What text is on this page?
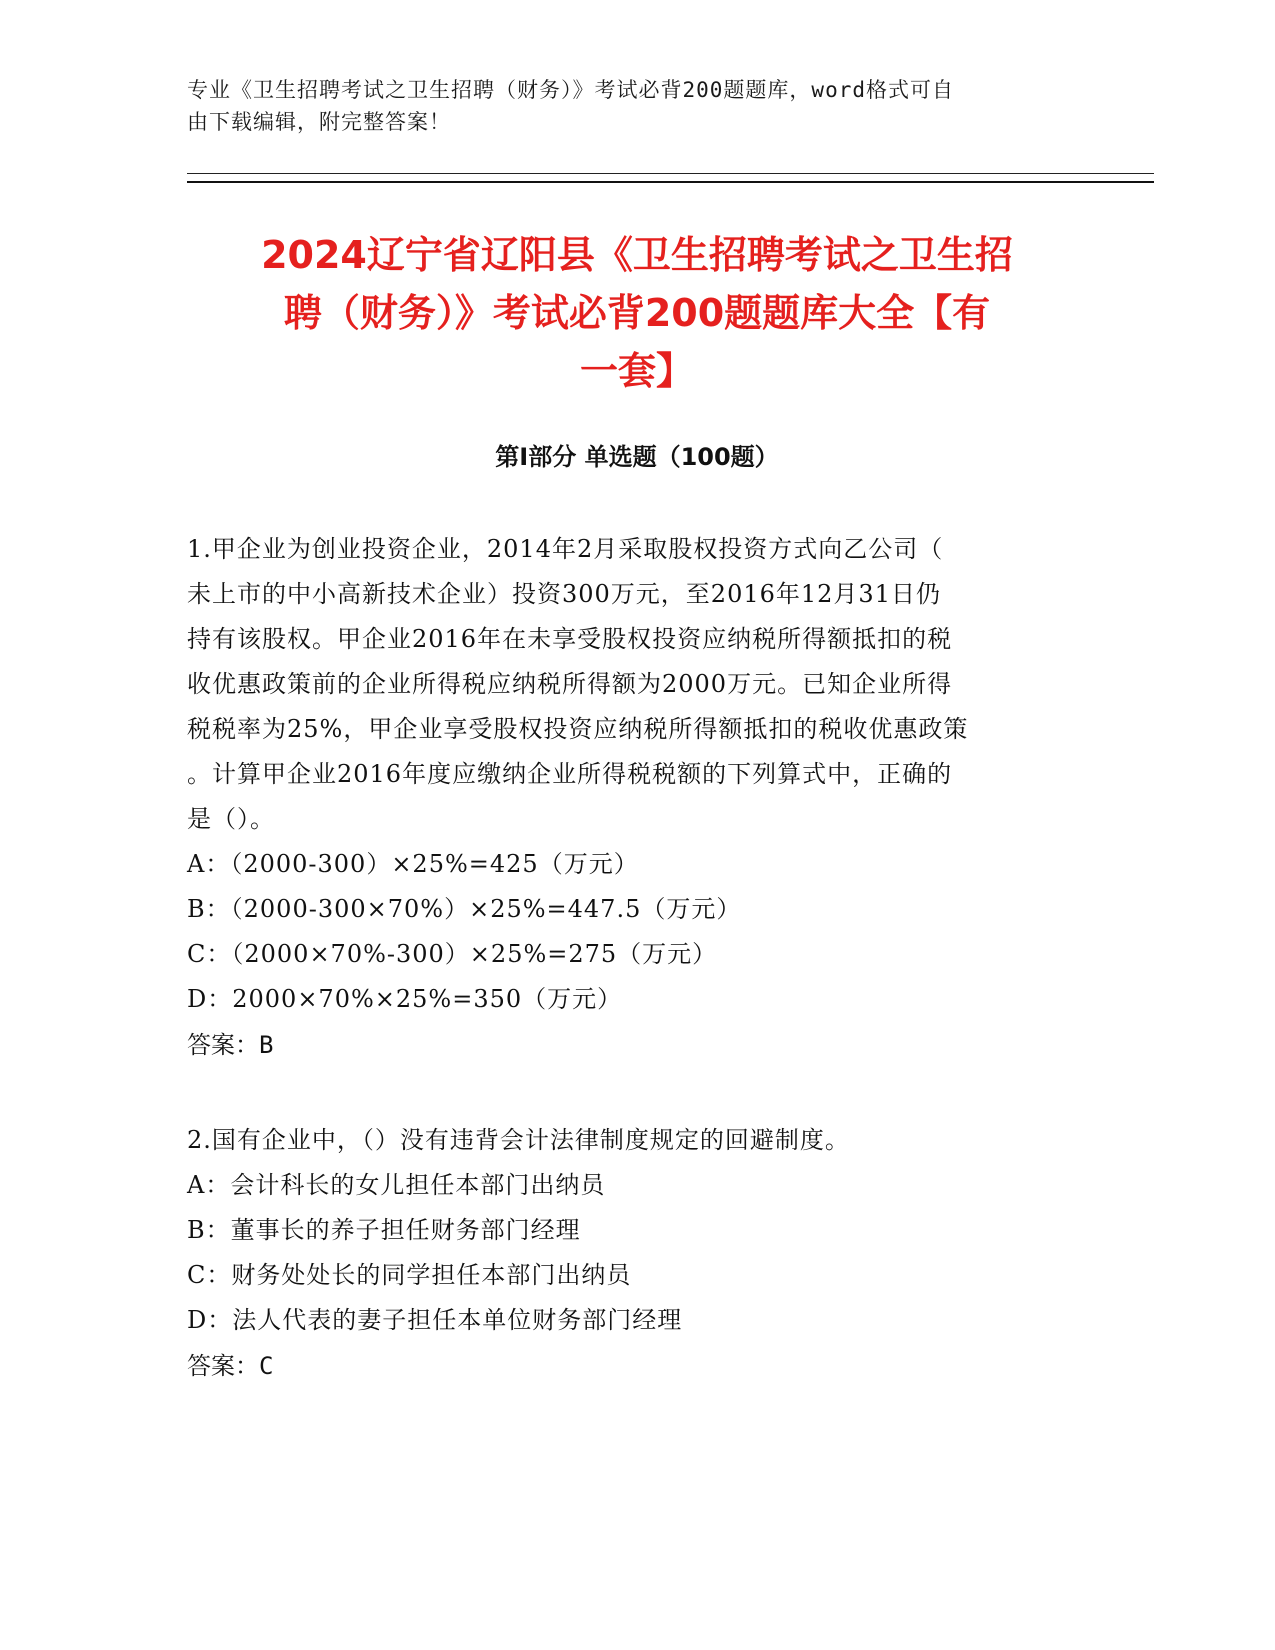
专业《卫生招聘考试之卫生招聘（财务）》考试必背200题题库，word格式可自
由下载编辑，附完整答案！
2024辽宁省辽阳县《卫生招聘考试之卫生招
聘（财务）》考试必背200题题库大全【有
一套】
第Ⅰ部分 单选题（100题）
1.甲企业为创业投资企业，2014年2月采取股权投资方式向乙公司（
未上市的中小高新技术企业）投资300万元，至2016年12月31日仍
持有该股权。甲企业2016年在未享受股权投资应纳税所得额抵扣的税
收优惠政策前的企业所得税应纳税所得额为2000万元。已知企业所得
税税率为25%，甲企业享受股权投资应纳税所得额抵扣的税收优惠政策
。计算甲企业2016年度应缴纳企业所得税税额的下列算式中，正确的
是（）。
A：（2000-300）×25%=425（万元）
B：（2000-300×70%）×25%=447.5（万元）
C：（2000×70%-300）×25%=275（万元）
D：2000×70%×25%=350（万元）
答案：B
2.国有企业中，（）没有违背会计法律制度规定的回避制度。
A：会计科长的女儿担任本部门出纳员
B：董事长的养子担任财务部门经理
C：财务处处长的同学担任本部门出纳员
D：法人代表的妻子担任本单位财务部门经理
答案：C
